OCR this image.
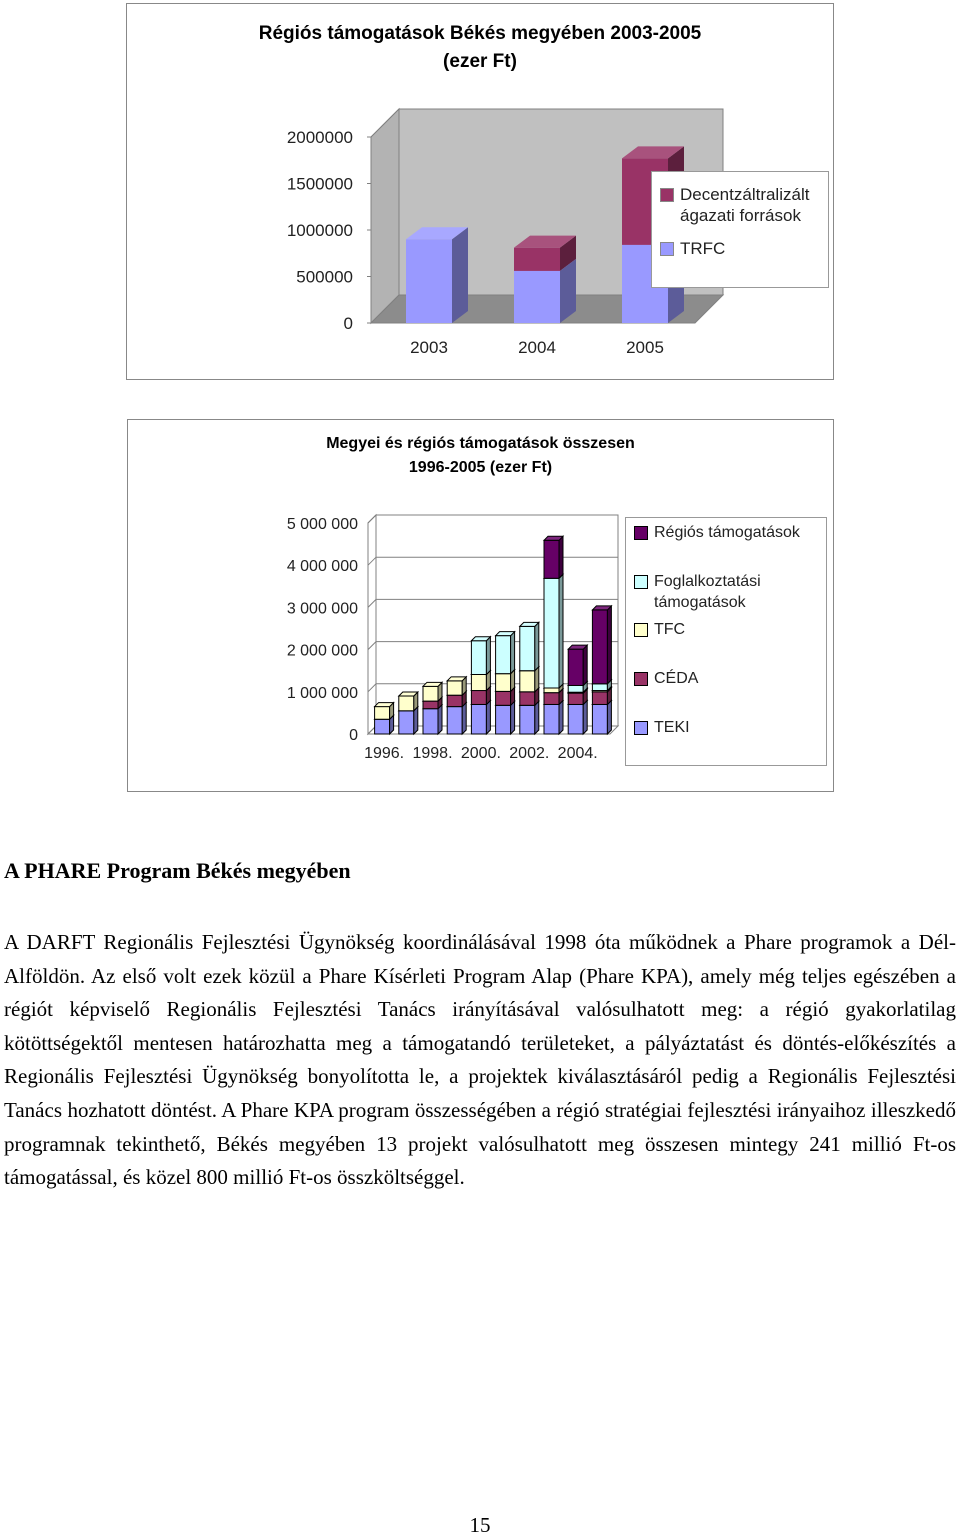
Régiós támogatások Békés megyében 2003-2005
(ezer Ft)
2000000
1500000
1000000
500000
0
2003	2004	2005
Decentzáltralizált
ágazati források
TRFC
Megyei és régiós támogatások összesen
1996-2005 (ezer Ft)
5 000 000
4 000 000
3 000 000
2 000 000
1 000 000
0
1996. 1998. 2000. 2002. 2004.
Régiós támogatások
Foglalkoztatási
támogatások
TFC
CÉDA
TEKI
A PHARE Program Békés megyében
A DARFT Regionális Fejlesztési Ügynökség koordinálásával 1998 óta működnek a Phare programok a Dél-Alföldön. Az első volt ezek közül a Phare Kísérleti Program Alap (Phare KPA), amely még teljes egészében a régiót képviselő Regionális Fejlesztési Tanács irányításával valósulhatott meg: a régió gyakorlatilag kötöttségektől mentesen határozhatta meg a támogatandó területeket, a pályáztatást és döntés-előkészítés a Regionális Fejlesztési Ügynökség bonyolította le, a projektek kiválasztásáról pedig a Regionális Fejlesztési Tanács hozhatott döntést. A Phare KPA program összességében a régió stratégiai fejlesztési irányaihoz illeszkedő programnak tekinthető, Békés megyében 13 projekt valósulhatott meg összesen mintegy 241 millió Ft-os támogatással, és közel 800 millió Ft-os összköltséggel.
15
